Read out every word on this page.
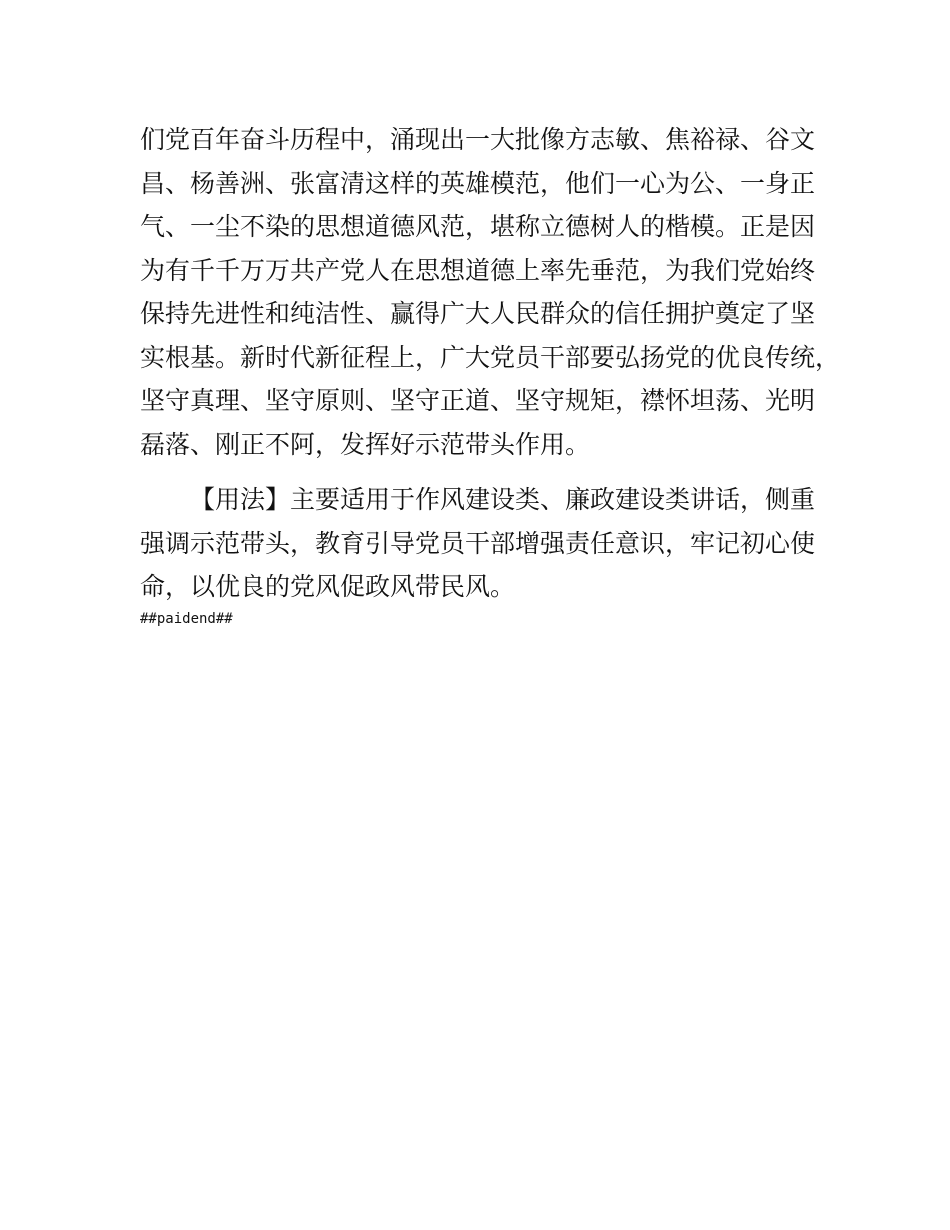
们党百年奋斗历程中，涌现出一大批像方志敏、焦裕禄、谷文
昌、杨善洲、张富清这样的英雄模范，他们一心为公、一身正
气、一尘不染的思想道德风范，堪称立德树人的楷模。正是因
为有千千万万共产党人在思想道德上率先垂范，为我们党始终
保持先进性和纯洁性、赢得广大人民群众的信任拥护奠定了坚
实根基。新时代新征程上，广大党员干部要弘扬党的优良传统，
坚守真理、坚守原则、坚守正道、坚守规矩，襟怀坦荡、光明
磊落、刚正不阿，发挥好示范带头作用。
【用法】主要适用于作风建设类、廉政建设类讲话，侧重
强调示范带头，教育引导党员干部增强责任意识，牢记初心使
命，以优良的党风促政风带民风。
##paidend##
